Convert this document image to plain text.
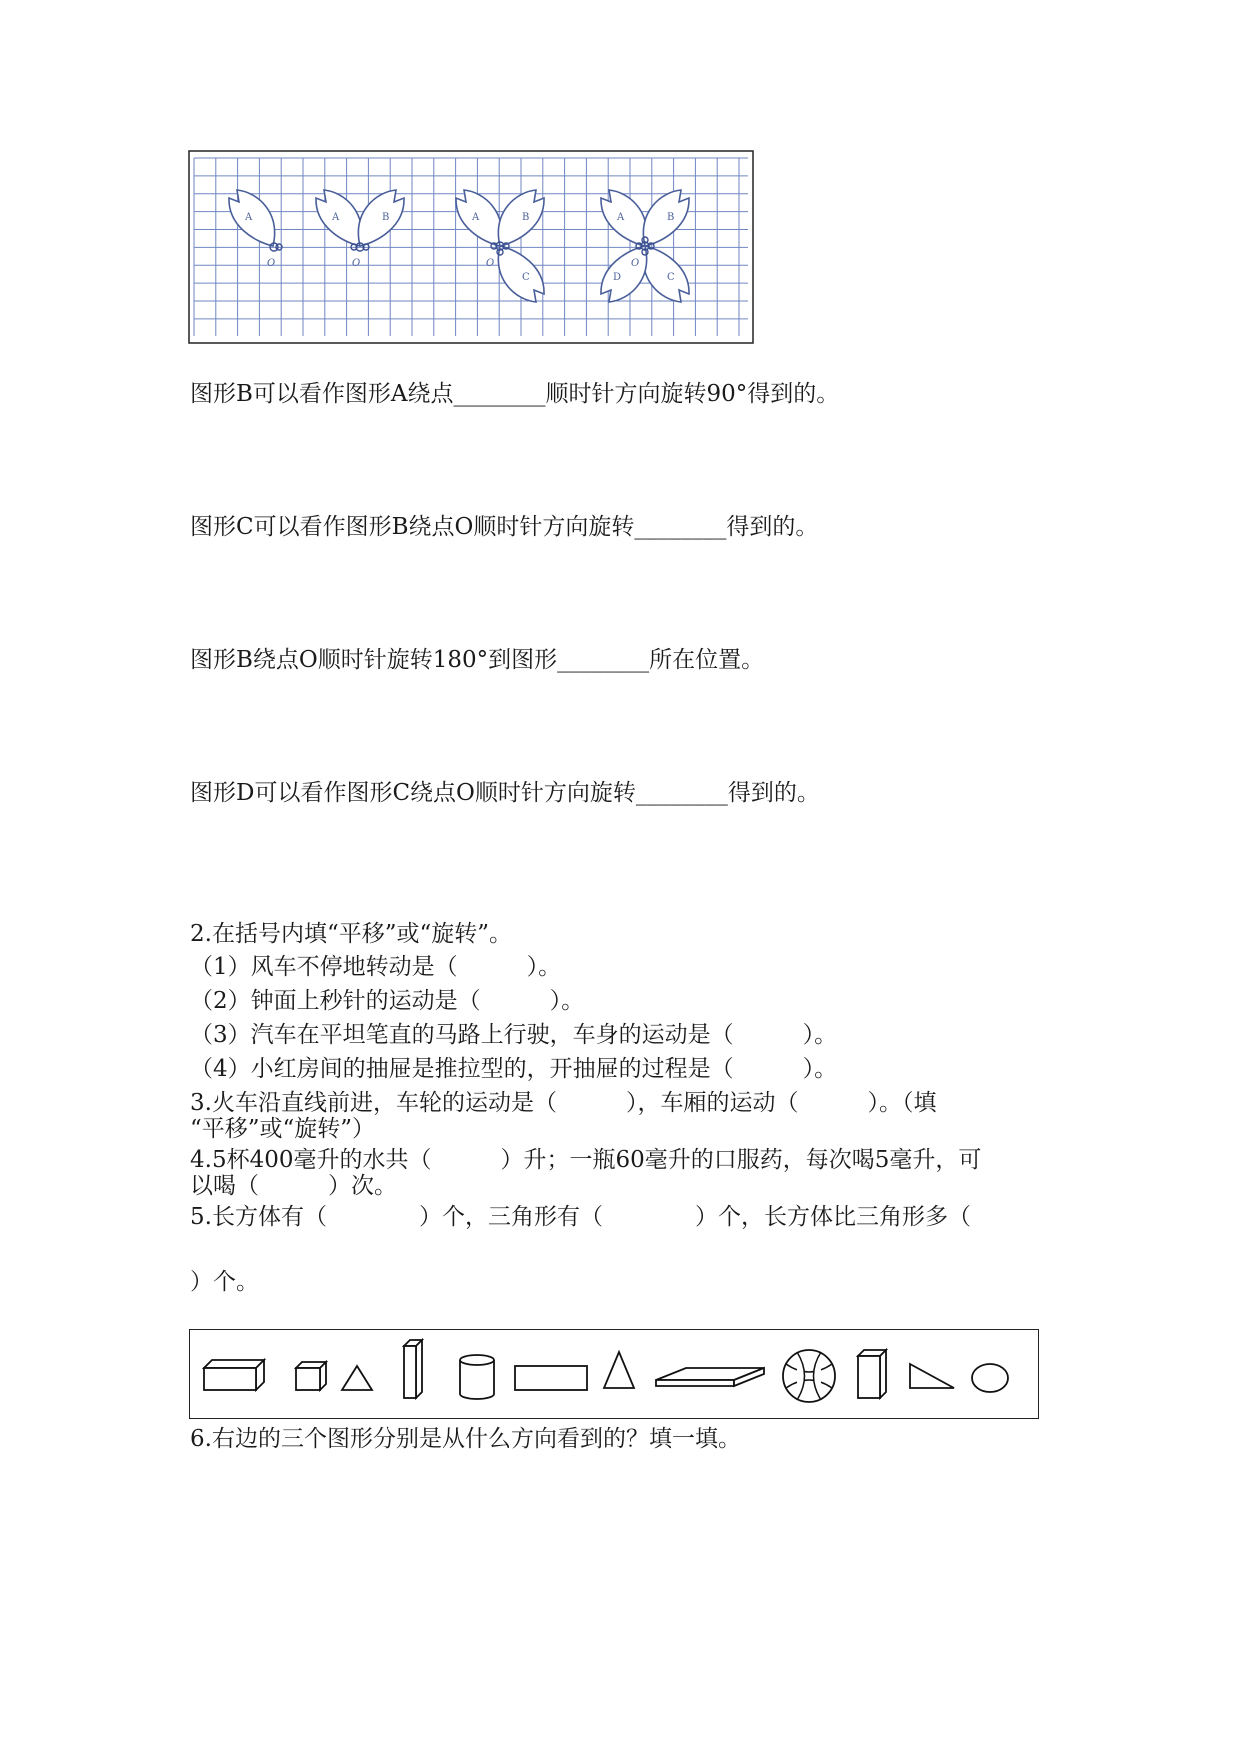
A
O
A	B
O
A	B
C
O
A	B
C
D
O
图形B可以看作图形A绕点________顺时针方向旋转90°得到的。
图形C可以看作图形B绕点O顺时针方向旋转________得到的。
图形B绕点O顺时针旋转180°到图形________所在位置。
图形D可以看作图形C绕点O顺时针方向旋转________得到的。
2.在括号内填“平移”或“旋转”。
（1）风车不停地转动是（　　　）。
（2）钟面上秒针的运动是（　　　）。
（3）汽车在平坦笔直的马路上行驶，车身的运动是（　　　）。
（4）小红房间的抽屉是推拉型的，开抽屉的过程是（　　　）。
3.火车沿直线前进，车轮的运动是（　　　），车厢的运动（　　　）。（填
“平移”或“旋转”）
4.5杯400毫升的水共（　　　）升；一瓶60毫升的口服药，每次喝5毫升，可
以喝（　　　）次。
5.长方体有（　　　　）个，三角形有（　　　　）个，长方体比三角形多（
）个。
6.右边的三个图形分别是从什么方向看到的？填一填。
